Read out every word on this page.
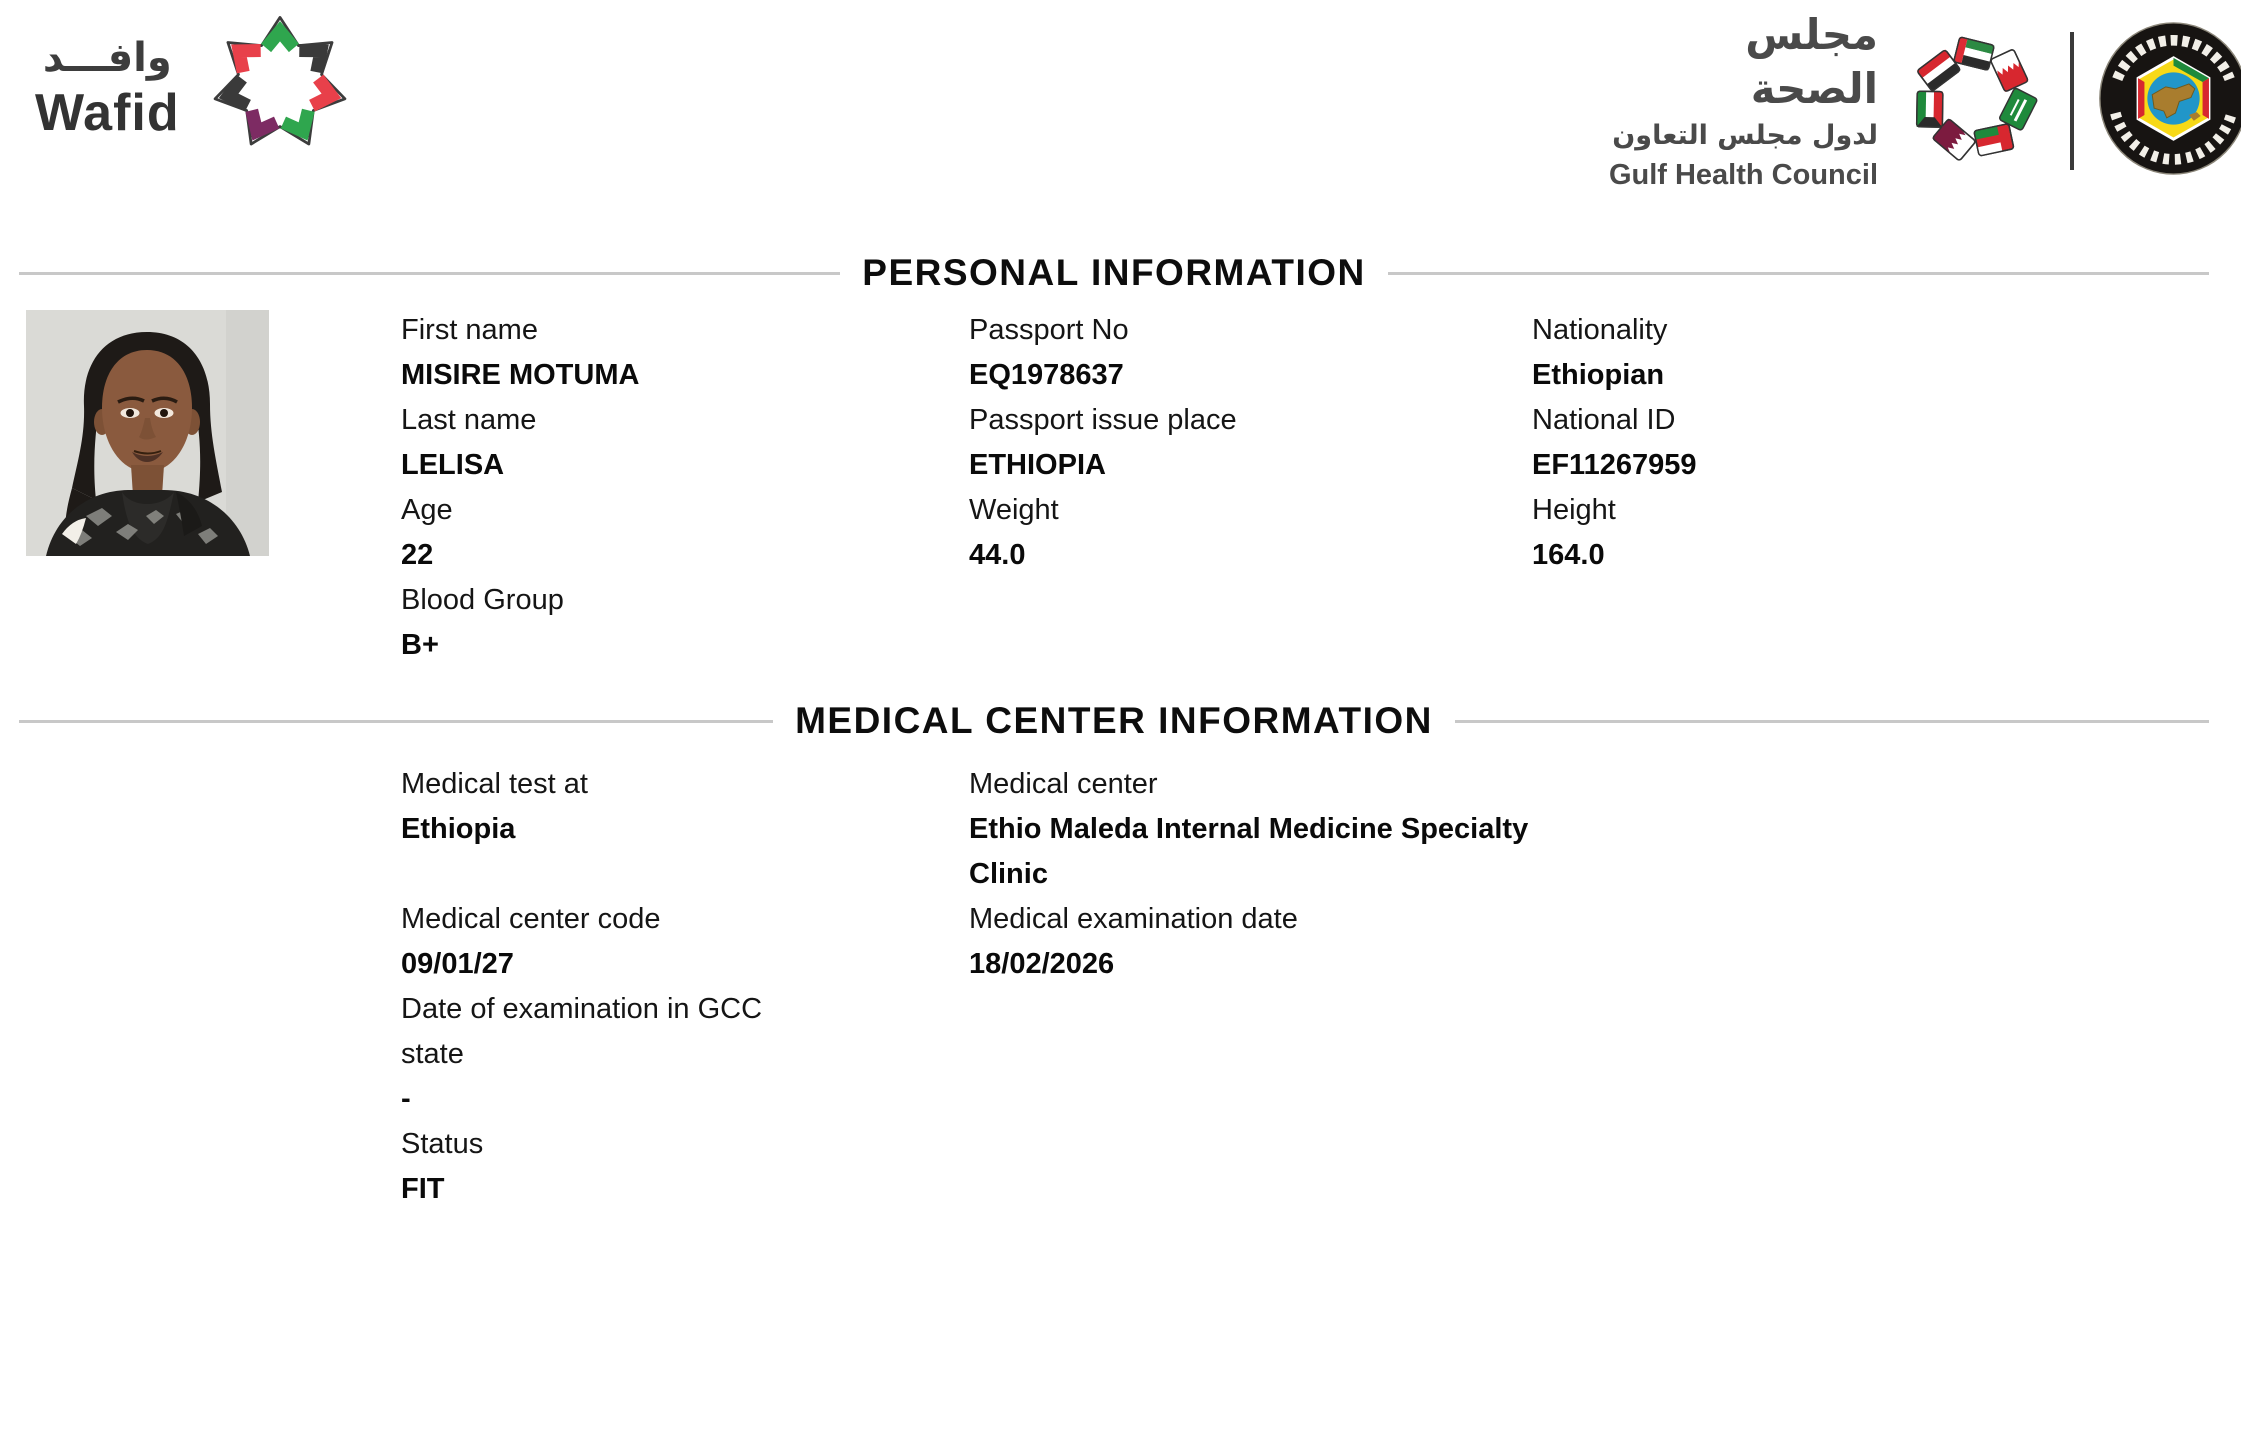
وافـــد
Wafid
مجلس الصحة
لدول مجلس التعاون
Gulf Health Council
PERSONAL INFORMATION
First name
MISIRE MOTUMA
Last name
LELISA
Age
22
Blood Group
B+
Passport No
EQ1978637
Passport issue place
ETHIOPIA
Weight
44.0
Nationality
Ethiopian
National ID
EF11267959
Height
164.0
MEDICAL CENTER INFORMATION
Medical test at
Ethiopia
Medical center
Ethio Maleda Internal Medicine Specialty Clinic
Medical center code
09/01/27
Medical examination date
18/02/2026
Date of examination in GCC state
-
Status
FIT
